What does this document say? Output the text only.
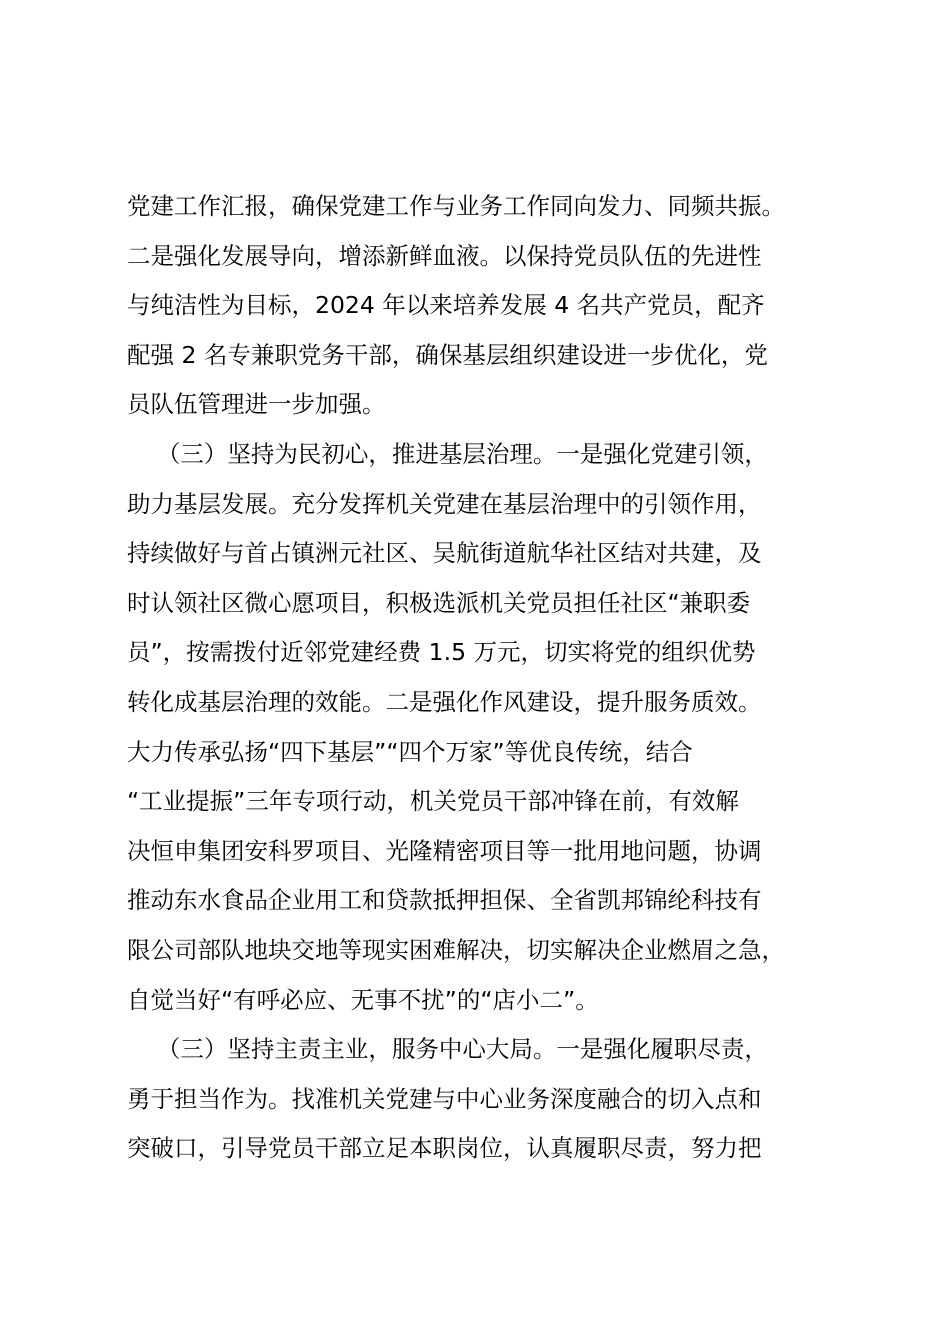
党建工作汇报，确保党建工作与业务工作同向发力、同频共振。
二是强化发展导向，增添新鲜血液。以保持党员队伍的先进性
与纯洁性为目标，2024 年以来培养发展 4 名共产党员，配齐
配强 2 名专兼职党务干部，确保基层组织建设进一步优化，党
员队伍管理进一步加强。
（三）坚持为民初心，推进基层治理。一是强化党建引领，
助力基层发展。充分发挥机关党建在基层治理中的引领作用，
持续做好与首占镇洲元社区、吴航街道航华社区结对共建，及
时认领社区微心愿项目，积极选派机关党员担任社区“兼职委
员”，按需拨付近邻党建经费 1.5 万元，切实将党的组织优势
转化成基层治理的效能。二是强化作风建设，提升服务质效。
大力传承弘扬“四下基层”“四个万家”等优良传统，结合
“工业提振”三年专项行动，机关党员干部冲锋在前，有效解
决恒申集团安科罗项目、光隆精密项目等一批用地问题，协调
推动东水食品企业用工和贷款抵押担保、全省凯邦锦纶科技有
限公司部队地块交地等现实困难解决，切实解决企业燃眉之急，
自觉当好“有呼必应、无事不扰”的“店小二”。
（三）坚持主责主业，服务中心大局。一是强化履职尽责，
勇于担当作为。找准机关党建与中心业务深度融合的切入点和
突破口，引导党员干部立足本职岗位，认真履职尽责，努力把
